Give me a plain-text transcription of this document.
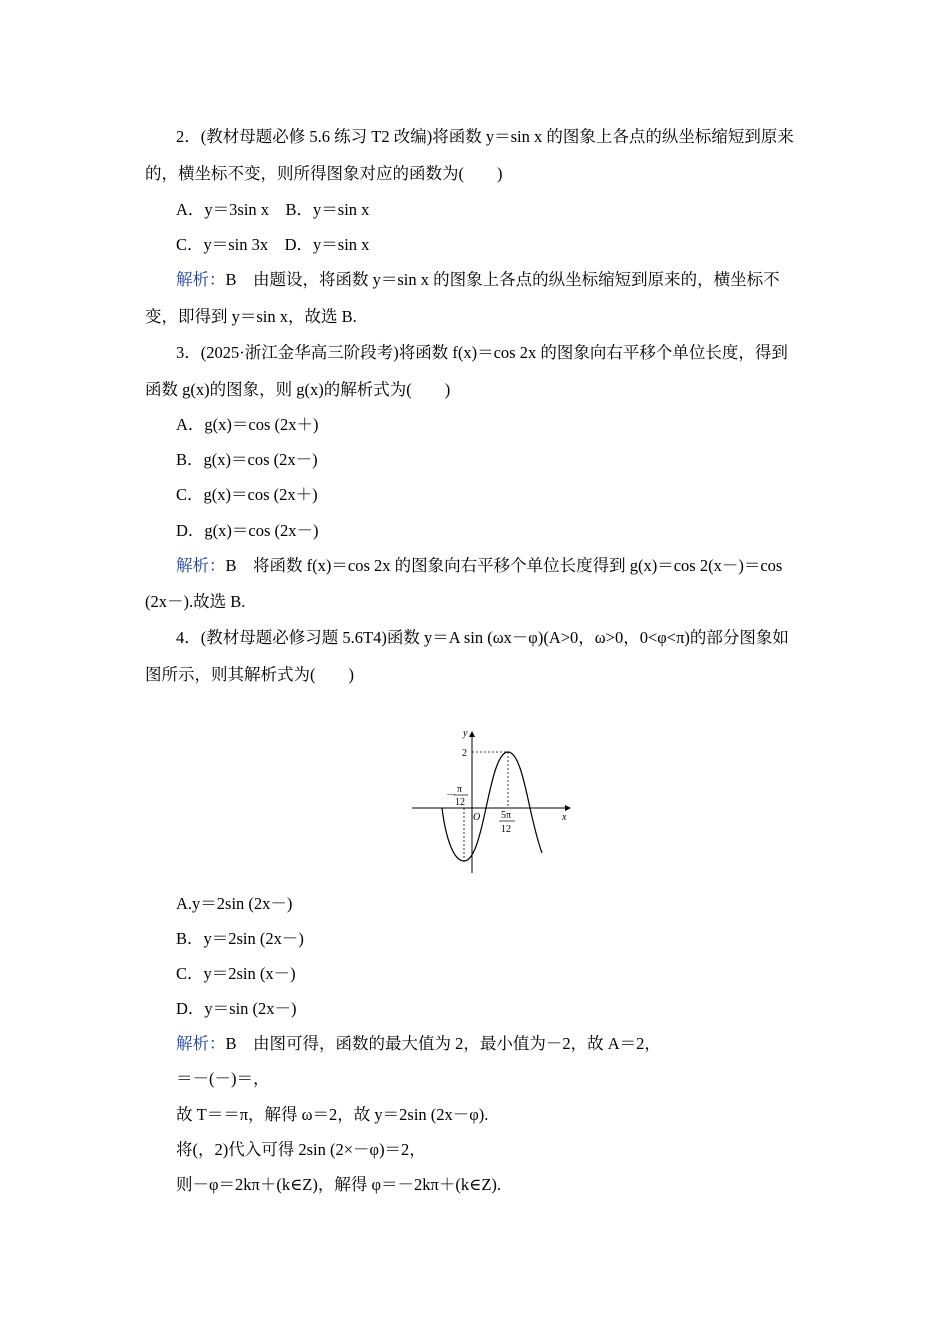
2．(教材母题必修 5.6 练习 T2 改编)将函数 y＝sin x 的图象上各点的纵坐标缩短到原来
的，横坐标不变，则所得图象对应的函数为(　　)
A．y＝3sin x　B．y＝sin x
C．y＝sin 3x　D．y＝sin x
解析：B　由题设，将函数 y＝sin x 的图象上各点的纵坐标缩短到原来的，横坐标不
变，即得到 y＝sin x，故选 B.
3．(2025·浙江金华高三阶段考)将函数 f(x)＝cos 2x 的图象向右平移个单位长度，得到
函数 g(x)的图象，则 g(x)的解析式为(　　)
A．g(x)＝cos (2x＋)
B．g(x)＝cos (2x－)
C．g(x)＝cos (2x＋)
D．g(x)＝cos (2x－)
解析：B　将函数 f(x)＝cos 2x 的图象向右平移个单位长度得到 g(x)＝cos 2(x－)＝cos
(2x－).故选 B.
4．(教材母题必修习题 5.6T4)函数 y＝A sin (ωx－φ)(A>0，ω>0，0<φ<π)的部分图象如
图所示，则其解析式为(　　)
y
x
O
2
－
π
12
5π
12
A.y＝2sin (2x－)
B．y＝2sin (2x－)
C．y＝2sin (x－)
D．y＝sin (2x－)
解析：B　由图可得，函数的最大值为 2，最小值为－2，故 A＝2，
＝－(－)＝，
故 T＝＝π，解得 ω＝2，故 y＝2sin (2x－φ).
将(，2)代入可得 2sin (2×－φ)＝2，
则－φ＝2kπ＋(k∈Z)，解得 φ＝－2kπ＋(k∈Z).
